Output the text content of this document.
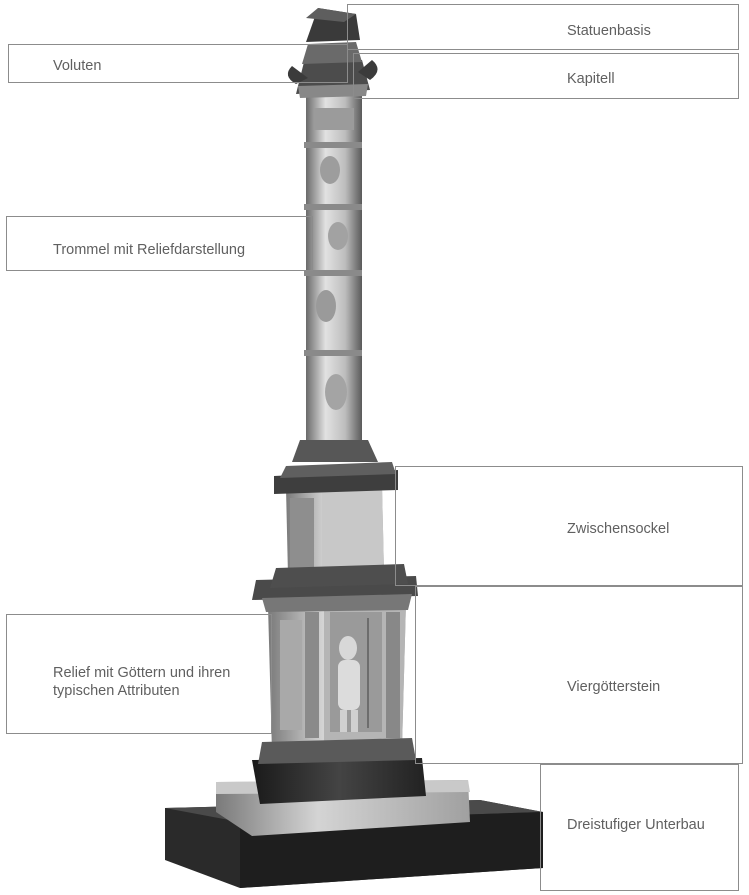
Statuenbasis
Voluten
Kapitell
Trommel mit Reliefdarstellung
Zwischensockel
Relief mit Göttern und ihren typischen Attributen	Viergötterstein
Dreistufiger Unterbau
